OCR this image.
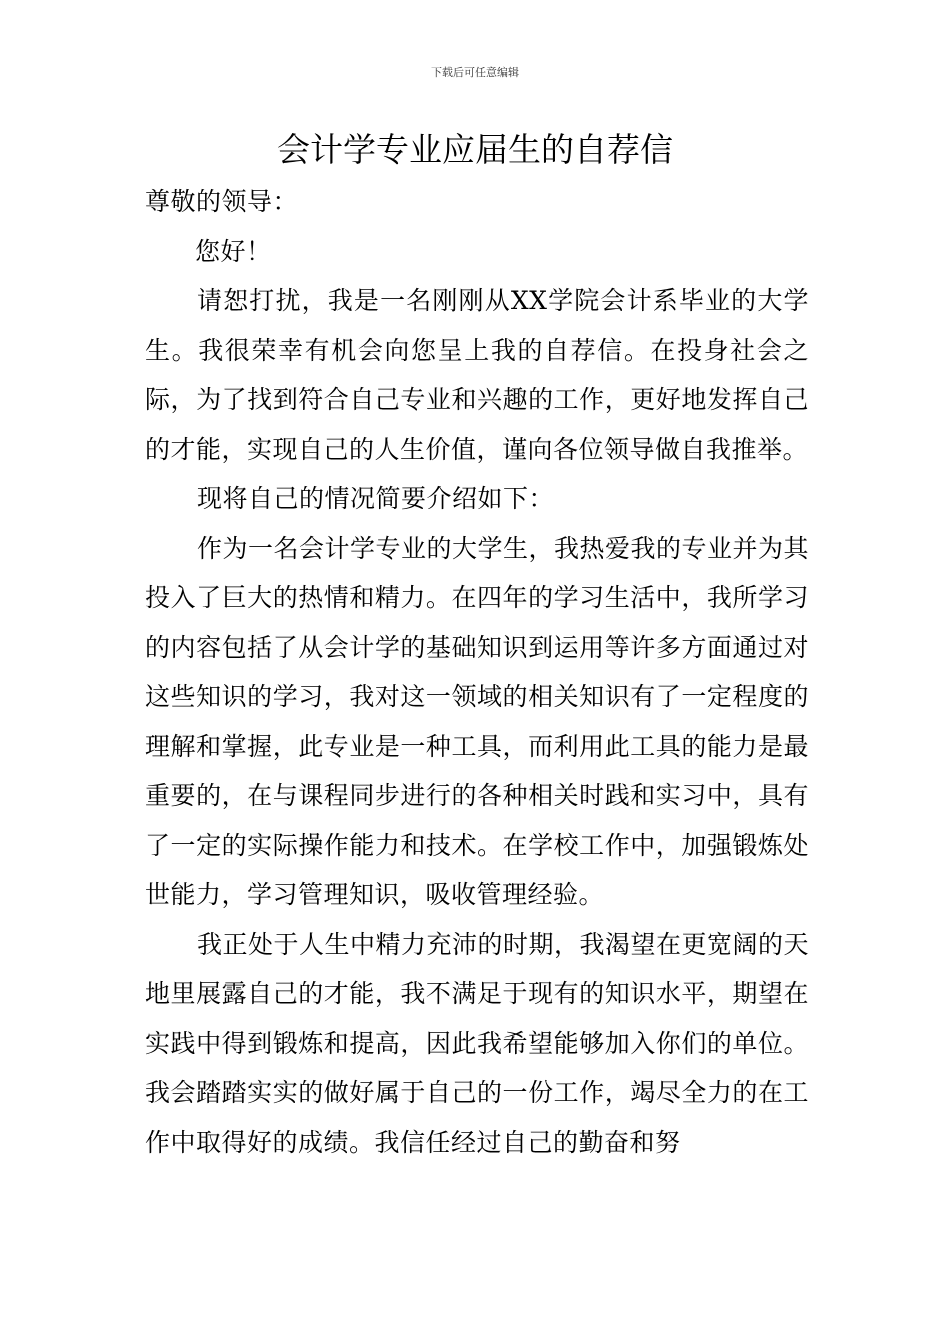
下载后可任意编辑
会计学专业应届生的自荐信

尊敬的领导：

您好！

请恕打扰，我是一名刚刚从XX学院会计系毕业的大学生。我很荣幸有机会向您呈上我的自荐信。在投身社会之际，为了找到符合自己专业和兴趣的工作，更好地发挥自己的才能，实现自己的人生价值，谨向各位领导做自我推举。

现将自己的情况简要介绍如下：

作为一名会计学专业的大学生，我热爱我的专业并为其投入了巨大的热情和精力。在四年的学习生活中，我所学习的内容包括了从会计学的基础知识到运用等许多方面通过对这些知识的学习，我对这一领域的相关知识有了一定程度的理解和掌握，此专业是一种工具，而利用此工具的能力是最重要的，在与课程同步进行的各种相关时践和实习中，具有了一定的实际操作能力和技术。在学校工作中，加强锻炼处世能力，学习管理知识，吸收管理经验。

我正处于人生中精力充沛的时期，我渴望在更宽阔的天地里展露自己的才能，我不满足于现有的知识水平，期望在实践中得到锻炼和提高，因此我希望能够加入你们的单位。我会踏踏实实的做好属于自己的一份工作，竭尽全力的在工作中取得好的成绩。我信任经过自己的勤奋和努
